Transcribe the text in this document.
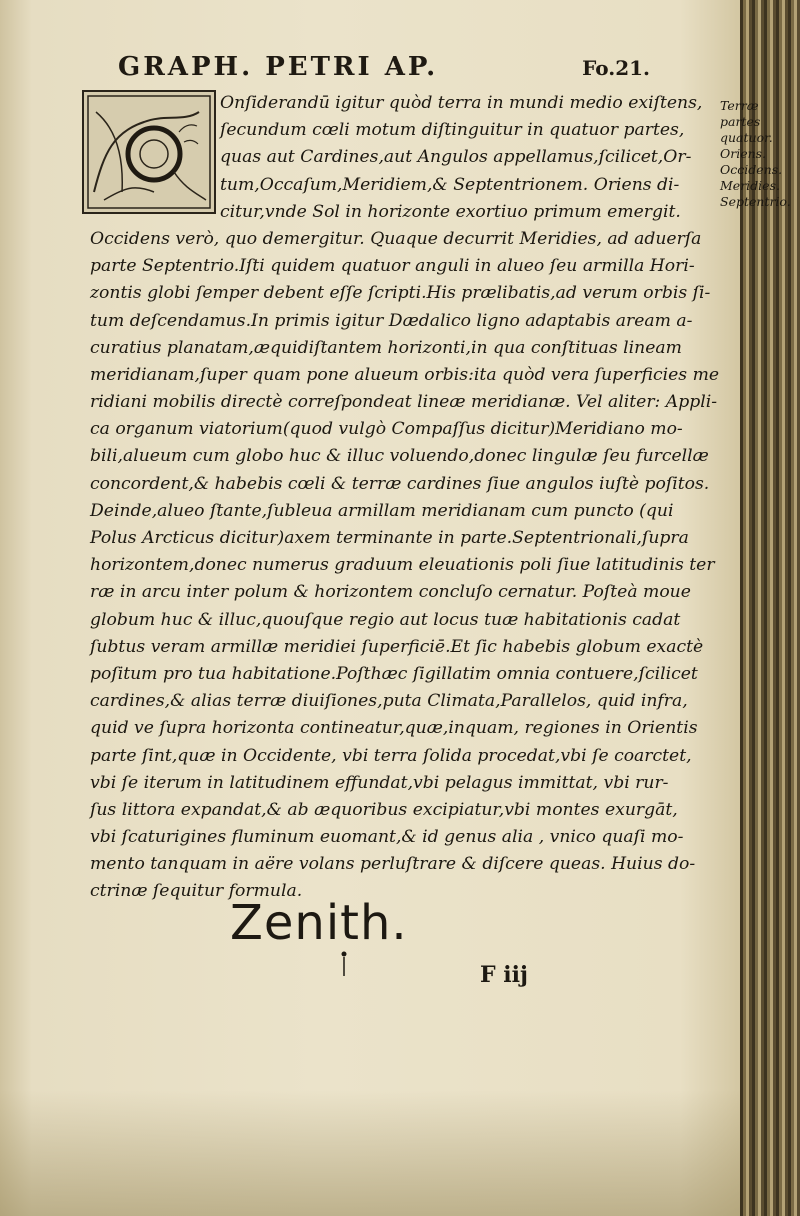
GRAPH. PETRI AP.	Fo.21.
Onſiderandū igitur quòd terra in mundi medio exiſtens,
ſecundum cœli motum diſtinguitur in quatuor partes,
quas aut Cardines,aut Angulos appellamus,ſcilicet,Or-
tum,Occaſum,Meridiem,& Septentrionem. Oriens di-
citur,vnde Sol in horizonte exortiuo primum emergit.
Occidens verò, quo demergitur. Quaque decurrit Meridies, ad aduerſa
parte Septentrio.Iſti quidem quatuor anguli in alueo ſeu armilla Hori-
zontis globi ſemper debent eſſe ſcripti.His prælibatis,ad verum orbis ſi-
tum deſcendamus.In primis igitur Dædalico ligno adaptabis aream a-
curatius planatam,æquidiſtantem horizonti,in qua conſtituas lineam
meridianam,ſuper quam pone alueum orbis:ita quòd vera ſuperficies me
ridiani mobilis directè correſpondeat lineæ meridianæ. Vel aliter: Appli-
ca organum viatorium(quod vulgò Compaſſus dicitur)Meridiano mo-
bili,alueum cum globo huc & illuc voluendo,donec lingulæ ſeu furcellæ
concordent,& habebis cœli & terræ cardines ſiue angulos iuſtè poſitos.
Deinde,alueo ſtante,ſubleua armillam meridianam cum puncto (qui
Polus Arcticus dicitur)axem terminante in parte.Septentrionali,ſupra
horizontem,donec numerus graduum eleuationis poli ſiue latitudinis ter
ræ in arcu inter polum & horizontem concluſo cernatur. Poſteà moue
globum huc & illuc,quouſque regio aut locus tuæ habitationis cadat
ſubtus veram armillæ meridiei ſuperficiē.Et ſic habebis globum exactè
poſitum pro tua habitatione.Poſthæc ſigillatim omnia contuere,ſcilicet
cardines,& alias terræ diuiſiones,puta Climata,Parallelos, quid infra,
quid ve ſupra horizonta contineatur,quæ,inquam, regiones in Orientis
parte ſint,quæ in Occidente, vbi terra ſolida procedat,vbi ſe coarctet,
vbi ſe iterum in latitudinem effundat,vbi pelagus immittat, vbi rur-
ſus littora expandat,& ab æquoribus excipiatur,vbi montes exurgāt,
vbi ſcaturigines fluminum euomant,& id genus alia , vnico quaſi mo-
mento tanquam in aëre volans perluſtrare & diſcere queas. Huius do-
ctrinæ ſequitur formula.
Terræ partes
quatuor.
Oriens.
Occidens.
Meridies.
Septentrio.
Zenith.
F iij
